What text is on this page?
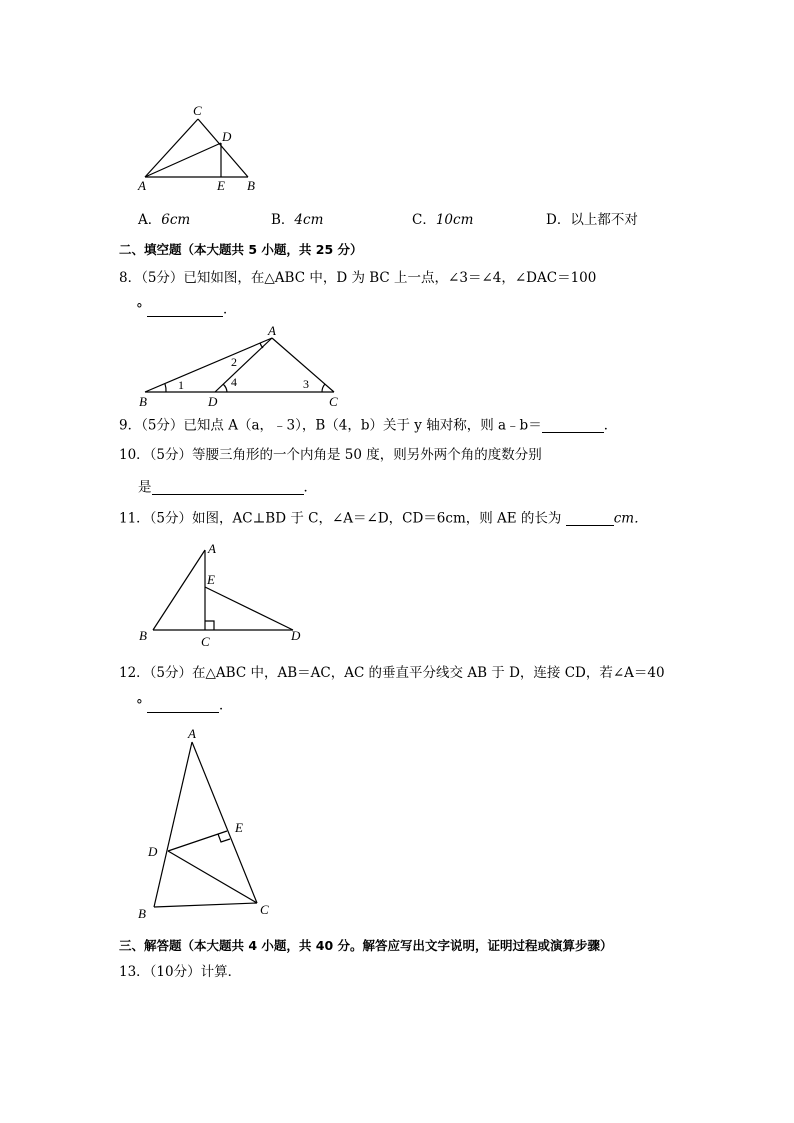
C
D
A	E B
A．6cm	B．4cm	C．10cm	D．以上都不对
二、填空题（本大题共 5 小题，共 25 分）
8．（5分）已知如图，在△ABC 中，D 为 BC 上一点，∠3＝∠4，∠DAC＝100
°	．
A
B	D	C
1
2
3
4
9．（5分）已知点 A（a，﹣3），B（4，b）关于 y 轴对称，则 a﹣b＝	．
10．（5分）等腰三角形的一个内角是 50 度，则另外两个角的度数分别
是	．
11．（5分）如图，AC⊥BD 于 C，∠A＝∠D，CD＝6cm，则 AE 的长为	cm．
A
E
B	C	D
12．（5分）在△ABC 中，AB＝AC，AC 的垂直平分线交 AB 于 D，连接 CD，若∠A＝40
°	．
A
E
D
B	C
三、解答题（本大题共 4 小题，共 40 分。解答应写出文字说明，证明过程或演算步骤）
13．（10分）计算．
